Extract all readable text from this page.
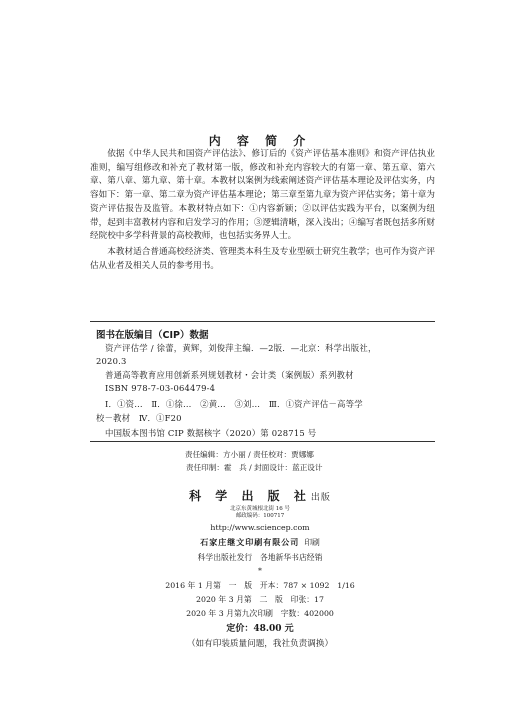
内 容 简 介

依据《中华人民共和国资产评估法》、修订后的《资产评估基本准则》和资产评估执业准则，编写组修改和补充了教材第一版，修改和补充内容较大的有第一章、第五章、第六章、第八章、第九章、第十章。本教材以案例为线索阐述资产评估基本理论及评估实务，内容如下：第一章、第二章为资产评估基本理论；第三章至第九章为资产评估实务；第十章为资产评估报告及监管。本教材特点如下：①内容新颖；②以评估实践为平台，以案例为纽带，起到丰富教材内容和启发学习的作用；③逻辑清晰，深入浅出；④编写者既包括多所财经院校中多学科背景的高校教师，也包括实务界人士。

本教材适合普通高校经济类、管理类本科生及专业型硕士研究生教学；也可作为资产评估从业者及相关人员的参考用书。

图书在版编目（CIP）数据
资产评估学 / 徐蕾，黄辉，刘俊萍主编．—2版．—北京：科学出版社，
2020.3
普通高等教育应用创新系列规划教材・会计类（案例版）系列教材
ISBN 978-7-03-064479-4
Ⅰ．①资…　Ⅱ．①徐…　②黄…　③刘…　Ⅲ．①资产评估－高等学
校－教材　Ⅳ．①F20
中国版本图书馆 CIP 数据核字（2020）第 028715 号
责任编辑：方小丽 / 责任校对：贾娜娜
责任印制：霍　兵 / 封面设计：蓝正设计
科 学 出 版 社出版
北京东黄城根北街 16 号
邮政编码：100717
http://www.sciencep.com
石家庄继文印刷有限公司 印刷
科学出版社发行　各地新华书店经销
*
2016 年 1 月第　一　版　开本：787 × 1092　1/16
2020 年 3 月第　二　版　印张：17
2020 年 3 月第九次印刷　字数：402000
定价：48.00 元
（如有印装质量问题，我社负责调换）
